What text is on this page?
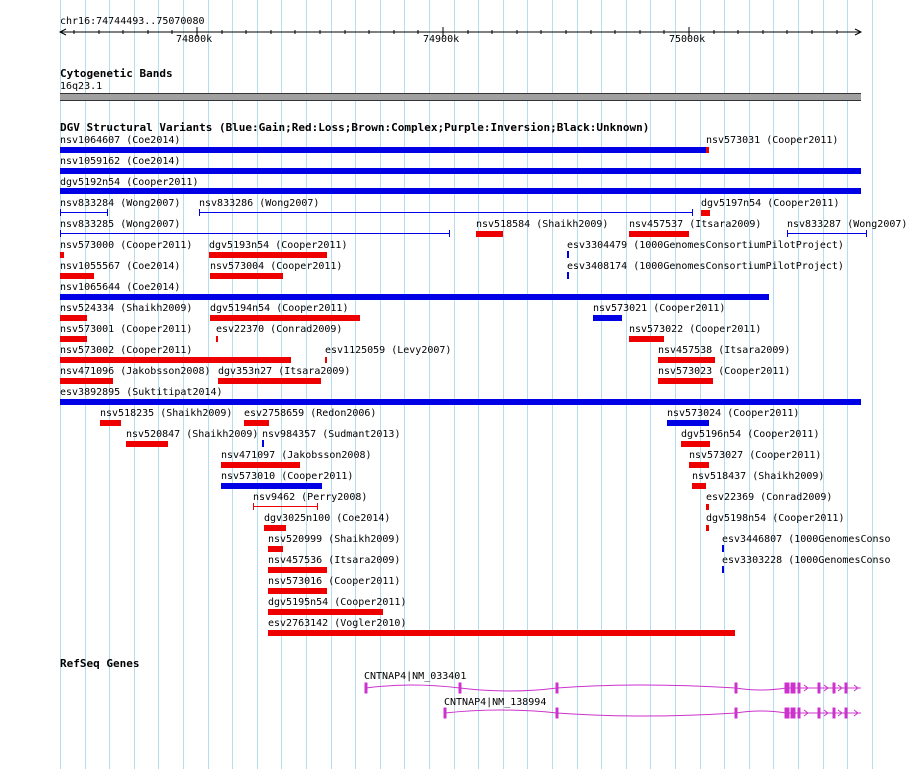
chr16:74744493..75070080
74800k	74900k	75000k
Cytogenetic Bands
16q23.1
DGV Structural Variants (Blue:Gain;Red:Loss;Brown:Complex;Purple:Inversion;Black:Unknown)
nsv1064607 (Coe2014)	nsv573031 (Cooper2011)
nsv1059162 (Coe2014)
dgv5192n54 (Cooper2011)
nsv833284 (Wong2007) nsv833286 (Wong2007)	dgv5197n54 (Cooper2011)
nsv833285 (Wong2007)	nsv518584 (Shaikh2009) nsv457537 (Itsara2009)	nsv833287 (Wong2007)
nsv573000 (Cooper2011) dgv5193n54 (Cooper2011)	esv3304479 (1000GenomesConsortiumPilotProject)
nsv1055567 (Coe2014)	nsv573004 (Cooper2011)	esv3408174 (1000GenomesConsortiumPilotProject)
nsv1065644 (Coe2014)
nsv524334 (Shaikh2009) dgv5194n54 (Cooper2011)	nsv573021 (Cooper2011)
nsv573001 (Cooper2011) esv22370 (Conrad2009)	nsv573022 (Cooper2011)
nsv573002 (Cooper2011)	esv1125059 (Levy2007)	nsv457538 (Itsara2009)
nsv471096 (Jakobsson2008) dgv353n27 (Itsara2009)	nsv573023 (Cooper2011)
esv3892895 (Suktitipat2014)
nsv518235 (Shaikh2009) esv2758659 (Redon2006)	nsv573024 (Cooper2011)
nsv520847 (Shaikh2009) nsv984357 (Sudmant2013)	dgv5196n54 (Cooper2011)
nsv471097 (Jakobsson2008)	nsv573027 (Cooper2011)
nsv573010 (Cooper2011)	nsv518437 (Shaikh2009)
nsv9462 (Perry2008)	esv22369 (Conrad2009)
dgv3025n100 (Coe2014)	dgv5198n54 (Cooper2011)
nsv520999 (Shaikh2009)	esv3446807 (1000GenomesConso
nsv457536 (Itsara2009)	esv3303228 (1000GenomesConso
nsv573016 (Cooper2011)
dgv5195n54 (Cooper2011)
esv2763142 (Vogler2010)
RefSeq Genes
CNTNAP4|NM_033401
CNTNAP4|NM_138994
